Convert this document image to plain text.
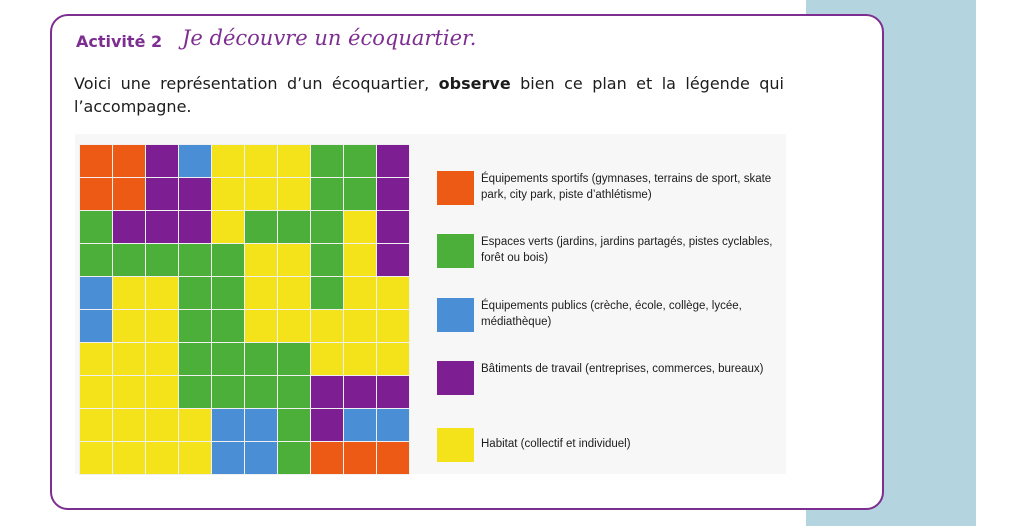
Activité 2 Je découvre un écoquartier.

Voici une représentation d’un écoquartier, observe bien ce plan et la légende qui l’accompagne.

Équipements sportifs (gymnases, terrains de sport, skate park, city park, piste d’athlétisme)
Espaces verts (jardins, jardins partagés, pistes cyclables, forêt ou bois)
Équipements publics (crèche, école, collège, lycée, médiathèque)
Bâtiments de travail (entreprises, commerces, bureaux)
Habitat (collectif et individuel)
